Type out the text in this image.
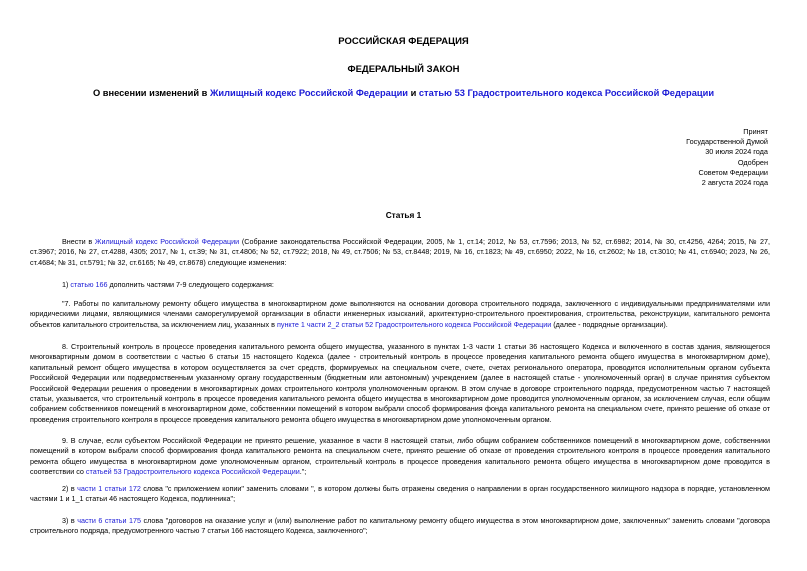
РОССИЙСКАЯ ФЕДЕРАЦИЯ
ФЕДЕРАЛЬНЫЙ ЗАКОН
О внесении изменений в Жилищный кодекс Российской Федерации и статью 53 Градостроительного кодекса Российской Федерации
Принят
Государственной Думой
30 июля 2024 года
Одобрен
Советом Федерации
2 августа 2024 года
Статья 1
Внести в Жилищный кодекс Российской Федерации (Собрание законодательства Российской Федерации, 2005, № 1, ст.14; 2012, № 53, ст.7596; 2013, № 52, ст.6982; 2014, № 30, ст.4256, 4264; 2015, № 27, ст.3967; 2016, № 27, ст.4288, 4305; 2017, № 1, ст.39; № 31, ст.4806; № 52, ст.7922; 2018, № 49, ст.7506; № 53, ст.8448; 2019, № 16, ст.1823; № 49, ст.6950; 2022, № 16, ст.2602; № 18, ст.3010; № 41, ст.6940; 2023, № 26, ст.4684; № 31, ст.5791; № 32, ст.6165; № 49, ст.8678) следующие изменения:
1) статью 166 дополнить частями 7-9 следующего содержания:
"7. Работы по капитальному ремонту общего имущества в многоквартирном доме выполняются на основании договора строительного подряда, заключенного с индивидуальными предпринимателями или юридическими лицами, являющимися членами саморегулируемой организации в области инженерных изысканий, архитектурно-строительного проектирования, строительства, реконструкции, капитального ремонта объектов капитального строительства, за исключением лиц, указанных в пункте 1 части 2_2 статьи 52 Градостроительного кодекса Российской Федерации (далее - подрядные организации).
8. Строительный контроль в процессе проведения капитального ремонта общего имущества, указанного в пунктах 1-3 части 1 статьи 36 настоящего Кодекса и включенного в состав здания, являющегося многоквартирным домом в соответствии с частью 6 статьи 15 настоящего Кодекса (далее - строительный контроль в процессе проведения капитального ремонта общего имущества в многоквартирном доме), капитальный ремонт общего имущества в котором осуществляется за счет средств, формируемых на специальном счете, счете, счетах регионального оператора, проводится исполнительным органом субъекта Российской Федерации или подведомственным указанному органу государственным (бюджетным или автономным) учреждением (далее в настоящей статье - уполномоченный орган) в случае принятия субъектом Российской Федерации решения о проведении в многоквартирных домах строительного контроля уполномоченным органом. В этом случае в договоре строительного подряда, предусмотренном частью 7 настоящей статьи, указывается, что строительный контроль в процессе проведения капитального ремонта общего имущества в многоквартирном доме проводится уполномоченным органом, за исключением случая, если общим собранием собственников помещений в многоквартирном доме, собственники помещений в котором выбрали способ формирования фонда капитального ремонта на специальном счете, принято решение об отказе от проведения строительного контроля в процессе проведения капитального ремонта общего имущества в многоквартирном доме уполномоченным органом.
9. В случае, если субъектом Российской Федерации не принято решение, указанное в части 8 настоящей статьи, либо общим собранием собственников помещений в многоквартирном доме, собственники помещений в котором выбрали способ формирования фонда капитального ремонта на специальном счете, принято решение об отказе от проведения строительного контроля в процессе проведения капитального ремонта общего имущества в многоквартирном доме уполномоченным органом, строительный контроль в процессе проведения капитального ремонта общего имущества в многоквартирном доме проводится в соответствии со статьей 53 Градостроительного кодекса Российской Федерации.";
2) в части 1 статьи 172 слова "с приложением копии" заменить словами ", в котором должны быть отражены сведения о направлении в орган государственного жилищного надзора в порядке, установленном частями 1 и 1_1 статьи 46 настоящего Кодекса, подлинника";
3) в части 6 статьи 175 слова "договоров на оказание услуг и (или) выполнение работ по капитальному ремонту общего имущества в этом многоквартирном доме, заключенных" заменить словами "договора строительного подряда, предусмотренного частью 7 статьи 166 настоящего Кодекса, заключенного";
